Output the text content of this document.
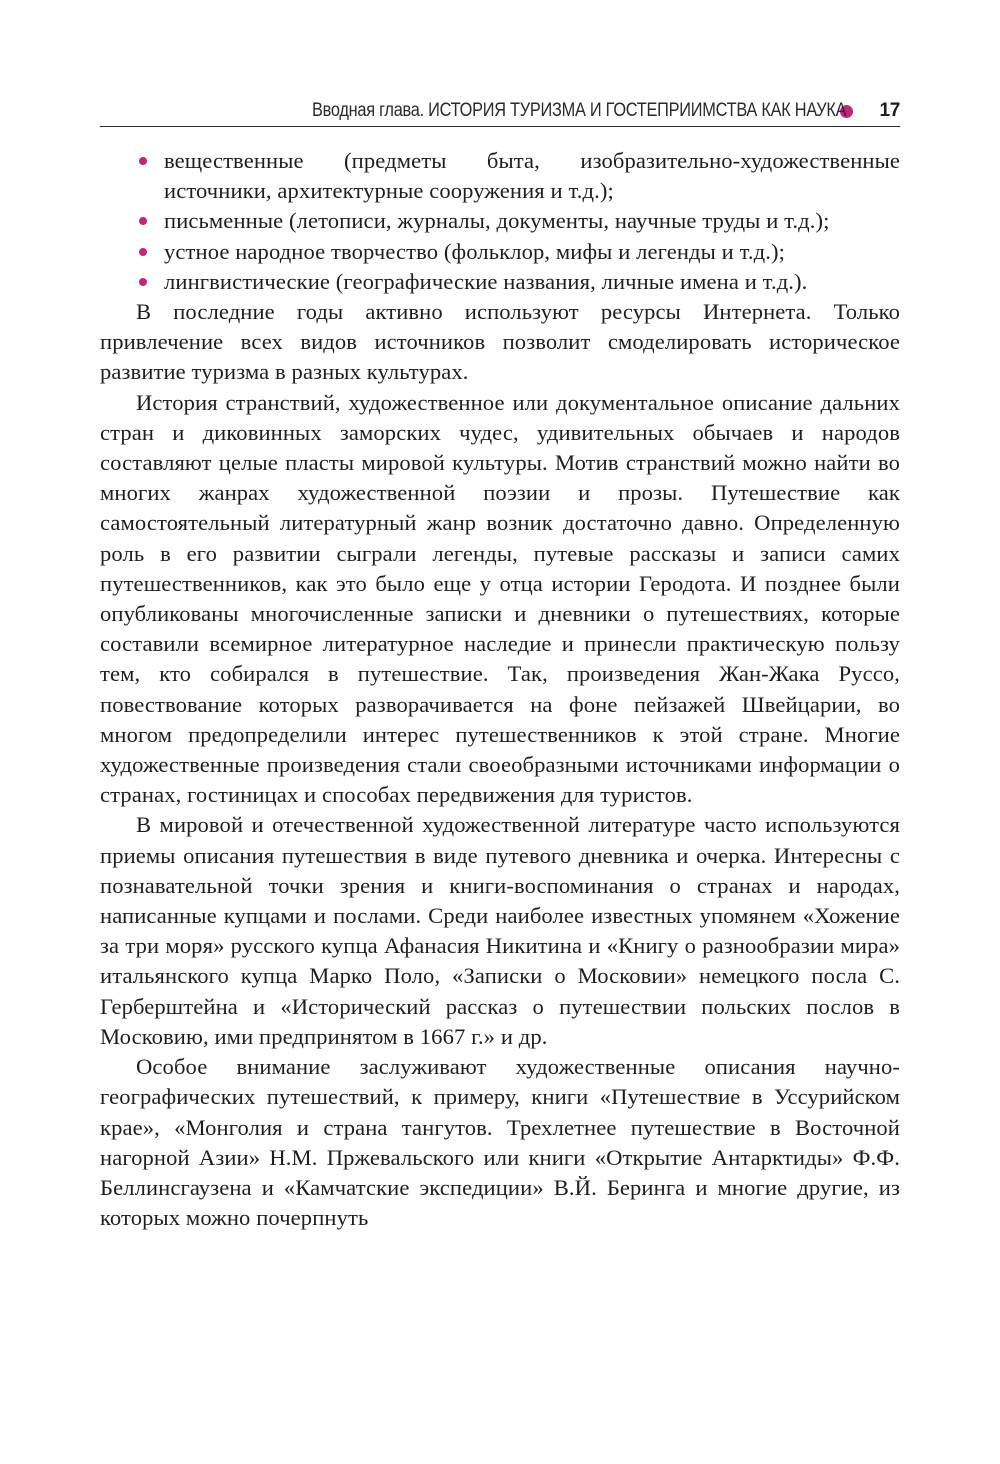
Вводная глава. ИСТОРИЯ ТУРИЗМА И ГОСТЕПРИИМСТВА КАК НАУКА 17
вещественные (предметы быта, изобразительно-художественные источники, архитектурные сооружения и т.д.);
письменные (летописи, журналы, документы, научные труды и т.д.);
устное народное творчество (фольклор, мифы и легенды и т.д.);
лингвистические (географические названия, личные имена и т.д.).

В последние годы активно используют ресурсы Интернета. Только привлечение всех видов источников позволит смоделировать историческое развитие туризма в разных культурах.

История странствий, художественное или документальное описание дальних стран и диковинных заморских чудес, удивительных обычаев и народов составляют целые пласты мировой культуры. Мотив странствий можно найти во многих жанрах художественной поэзии и прозы. Путешествие как самостоятельный литературный жанр возник достаточно давно. Определенную роль в его развитии сыграли легенды, путевые рассказы и записи самих путешественников, как это было еще у отца истории Геродота. И позднее были опубликованы многочисленные записки и дневники о путешествиях, которые составили всемирное литературное наследие и принесли практическую пользу тем, кто собирался в путешествие. Так, произведения Жан-Жака Руссо, повествование которых разворачивается на фоне пейзажей Швейцарии, во многом предопределили интерес путешественников к этой стране. Многие художественные произведения стали своеобразными источниками информации о странах, гостиницах и способах передвижения для туристов.

В мировой и отечественной художественной литературе часто используются приемы описания путешествия в виде путевого дневника и очерка. Интересны с познавательной точки зрения и книги-воспоминания о странах и народах, написанные купцами и послами. Среди наиболее известных упомянем «Хожение за три моря» русского купца Афанасия Никитина и «Книгу о разнообразии мира» итальянского купца Марко Поло, «Записки о Московии» немецкого посла С. Герберштейна и «Исторический рассказ о путешествии польских послов в Московию, ими предпринятом в 1667 г.» и др.

Особое внимание заслуживают художественные описания научно-географических путешествий, к примеру, книги «Путешествие в Уссурийском крае», «Монголия и страна тангутов. Трехлетнее путешествие в Восточной нагорной Азии» Н.М. Пржевальского или книги «Открытие Антарктиды» Ф.Ф. Беллинсгаузена и «Камчатские экспедиции» В.Й. Беринга и многие другие, из которых можно почерпнуть
